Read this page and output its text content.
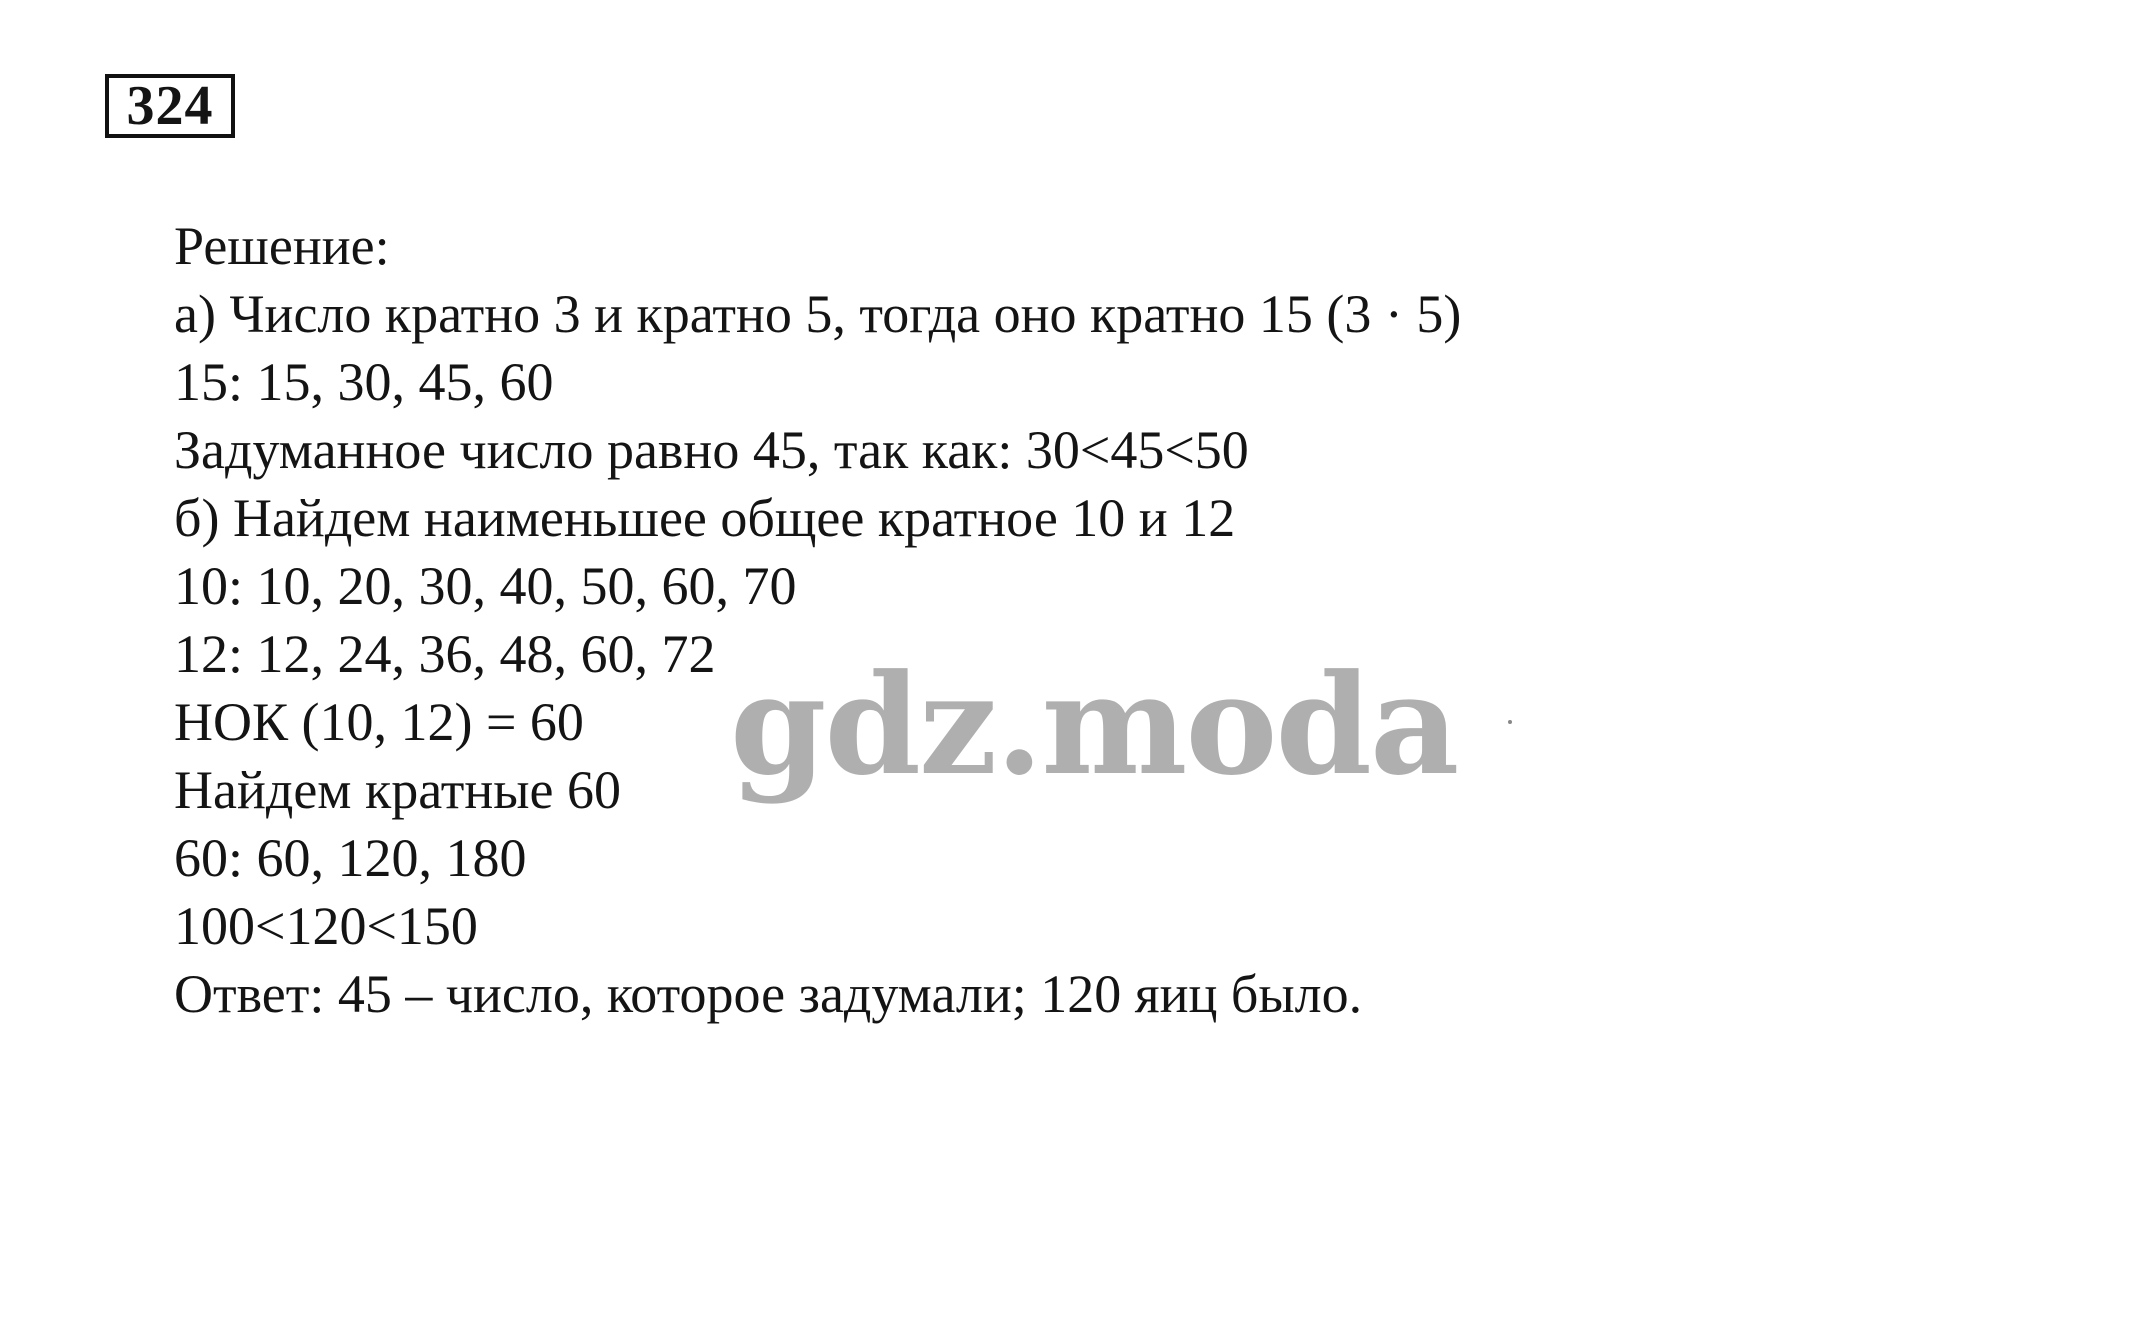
324
Решение:
а) Число кратно 3 и кратно 5, тогда оно кратно 15 (3 · 5)
15: 15, 30, 45, 60
Задуманное число равно 45, так как: 30<45<50
б) Найдем наименьшее общее кратное 10 и 12
10: 10, 20, 30, 40, 50, 60, 70
12: 12, 24, 36, 48, 60, 72
НОК (10, 12) = 60
Найдем кратные 60
60: 60, 120, 180
100<120<150
Ответ: 45 – число, которое задумали; 120 яиц было.
gdz.moda
